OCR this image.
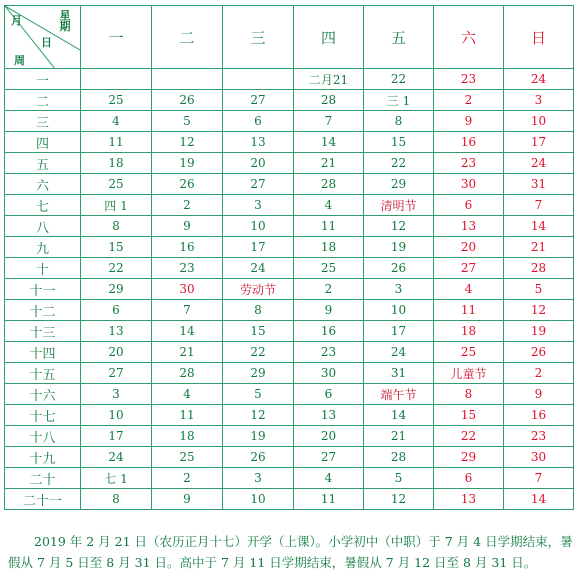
月
日
周
星期	一	二	三	四	五	六	日
一				二月21	22	23	24
二	25	26	27	28	三 1	2	3
三	4	5	6	7	8	9	10
四	11	12	13	14	15	16	17
五	18	19	20	21	22	23	24
六	25	26	27	28	29	30	31
七	四 1	2	3	4	清明节	6	7
八	8	9	10	11	12	13	14
九	15	16	17	18	19	20	21
十	22	23	24	25	26	27	28
十一	29	30	劳动节	2	3	4	5
十二	6	7	8	9	10	11	12
十三	13	14	15	16	17	18	19
十四	20	21	22	23	24	25	26
十五	27	28	29	30	31	儿童节	2
十六	3	4	5	6	端午节	8	9
十七	10	11	12	13	14	15	16
十八	17	18	19	20	21	22	23
十九	24	25	26	27	28	29	30
二十	七 1	2	3	4	5	6	7
二十一	8	9	10	11	12	13	14

2019 年 2 月 21 日（农历正月十七）开学（上课）。小学初中（中职）于 7 月 4 日学期结束，暑假从 7 月 5 日至 8 月 31 日。高中于 7 月 11 日学期结束，暑假从 7 月 12 日至 8 月 31 日。
